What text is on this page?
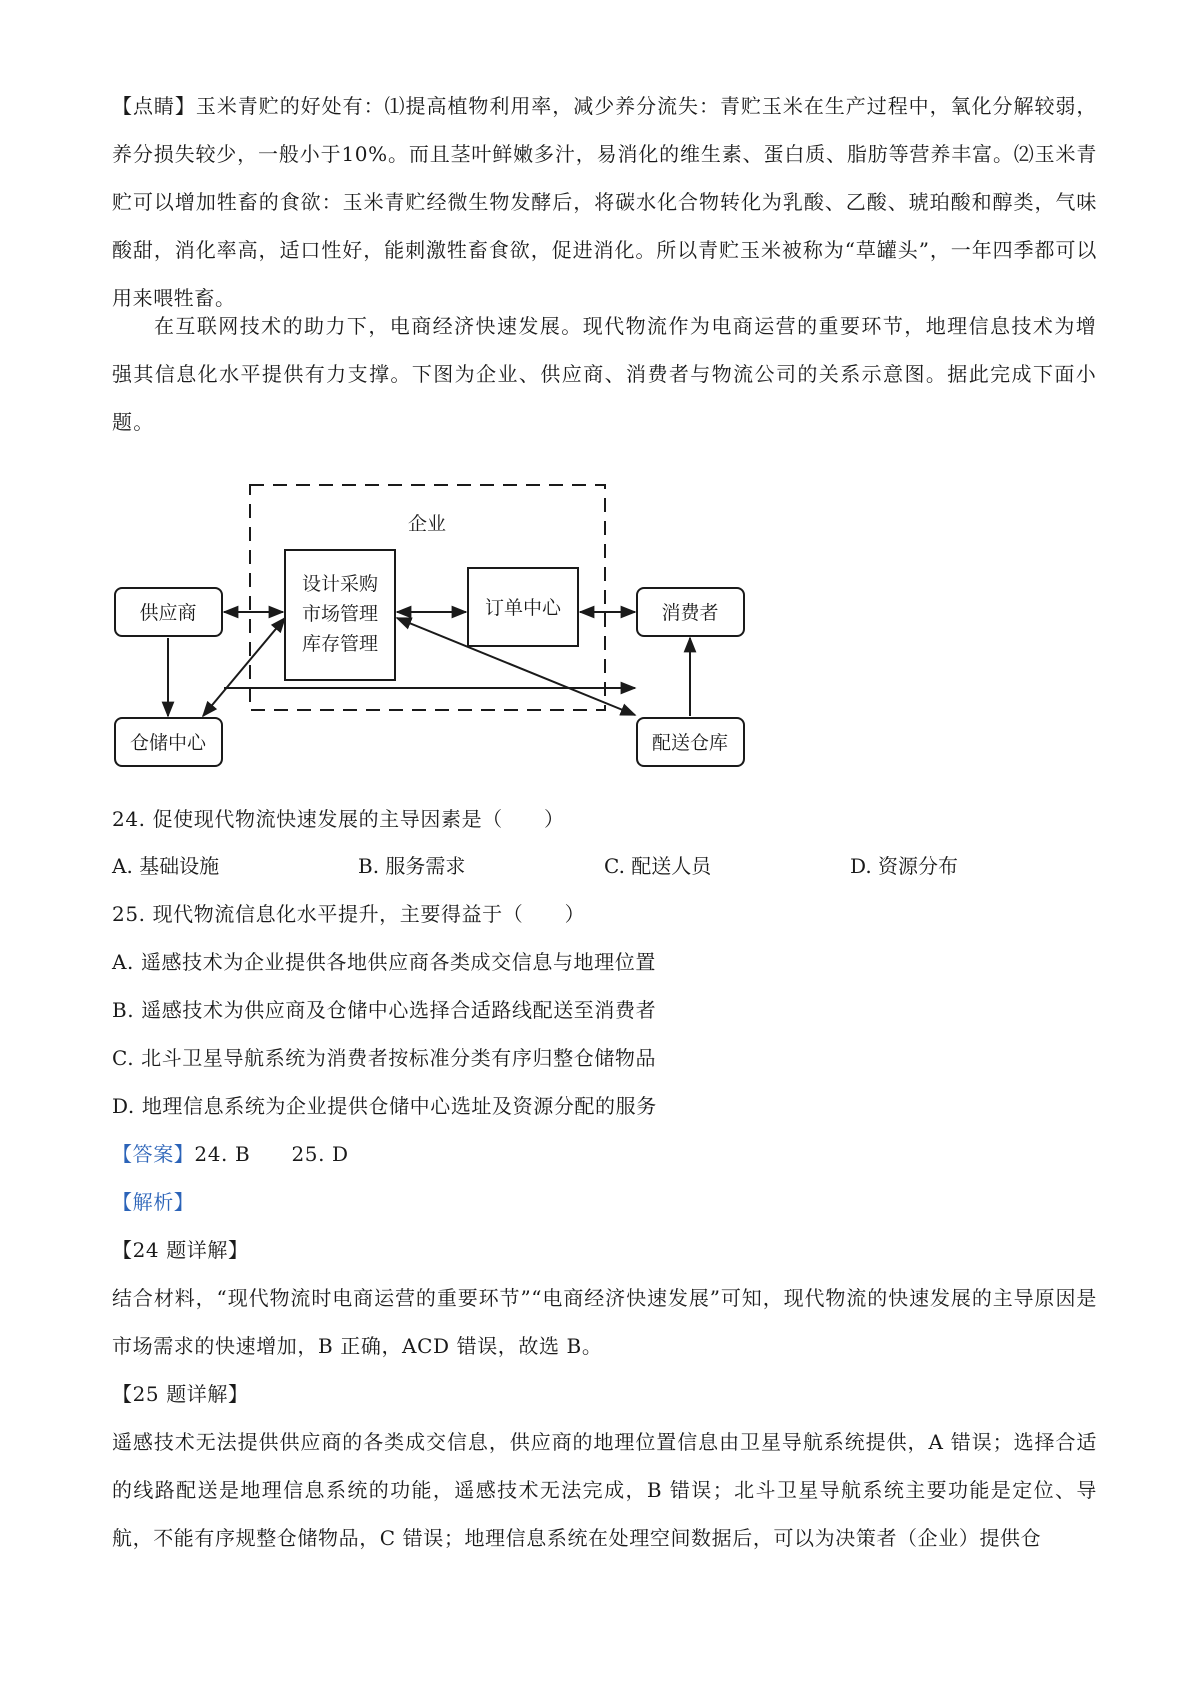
【点睛】玉米青贮的好处有：⑴提高植物利用率，减少养分流失：青贮玉米在生产过程中，氧化分解较弱，养分损失较少，一般小于10%。而且茎叶鲜嫩多汁，易消化的维生素、蛋白质、脂肪等营养丰富。⑵玉米青贮可以增加牲畜的食欲：玉米青贮经微生物发酵后，将碳水化合物转化为乳酸、乙酸、琥珀酸和醇类，气味酸甜，消化率高，适口性好，能刺激牲畜食欲，促进消化。所以青贮玉米被称为“草罐头”，一年四季都可以用来喂牲畜。
在互联网技术的助力下，电商经济快速发展。现代物流作为电商运营的重要环节，地理信息技术为增强其信息化水平提供有力支撑。下图为企业、供应商、消费者与物流公司的关系示意图。据此完成下面小题。
企业
供应商
设计采购
市场管理
库存管理
订单中心	消费者
仓储中心	配送仓库
24. 促使现代物流快速发展的主导因素是（　　）
A. 基础设施	B. 服务需求	C. 配送人员	D. 资源分布
25. 现代物流信息化水平提升，主要得益于（　　）
A. 遥感技术为企业提供各地供应商各类成交信息与地理位置
B. 遥感技术为供应商及仓储中心选择合适路线配送至消费者
C. 北斗卫星导航系统为消费者按标准分类有序归整仓储物品
D. 地理信息系统为企业提供仓储中心选址及资源分配的服务
【答案】24. B　　25. D
【解析】
【24 题详解】
结合材料，“现代物流时电商运营的重要环节”“电商经济快速发展”可知，现代物流的快速发展的主导原因是市场需求的快速增加，B 正确，ACD 错误，故选 B。
【25 题详解】
遥感技术无法提供供应商的各类成交信息，供应商的地理位置信息由卫星导航系统提供，A 错误；选择合适的线路配送是地理信息系统的功能，遥感技术无法完成，B 错误；北斗卫星导航系统主要功能是定位、导航，不能有序规整仓储物品，C 错误；地理信息系统在处理空间数据后，可以为决策者（企业）提供仓
